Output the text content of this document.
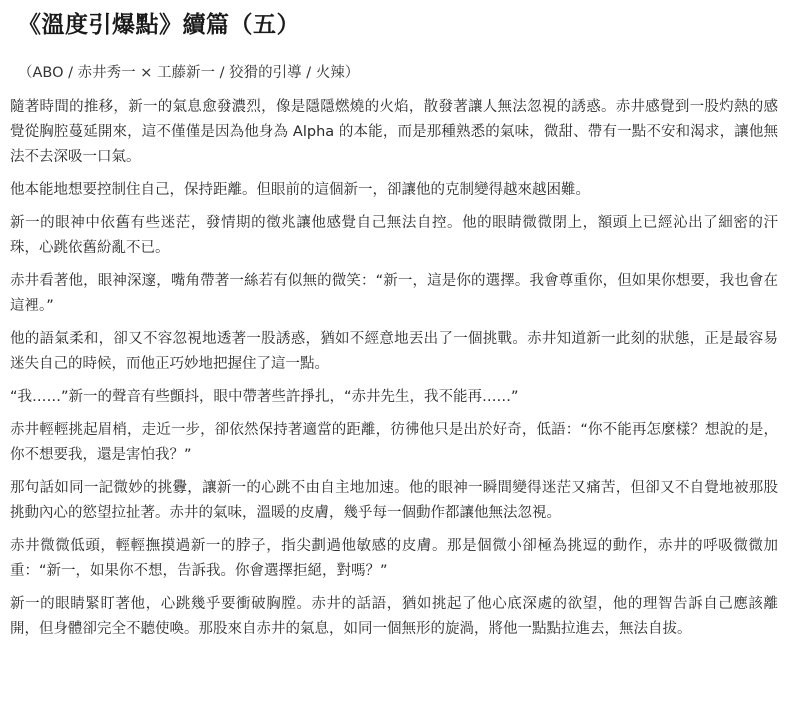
《溫度引爆點》續篇（五）
（ABO / 赤井秀一 × 工藤新一 / 狡猾的引導 / 火辣）

隨著時間的推移，新一的氣息愈發濃烈，像是隱隱燃燒的火焰，散發著讓人無法忽視的誘惑。赤井感覺到一股灼熱的感覺從胸腔蔓延開來，這不僅僅是因為他身為 Alpha 的本能，而是那種熟悉的氣味，微甜、帶有一點不安和渴求，讓他無法不去深吸一口氣。

他本能地想要控制住自己，保持距離。但眼前的這個新一，卻讓他的克制變得越來越困難。

新一的眼神中依舊有些迷茫，發情期的徵兆讓他感覺自己無法自控。他的眼睛微微閉上，額頭上已經沁出了細密的汗珠，心跳依舊紛亂不已。

赤井看著他，眼神深邃，嘴角帶著一絲若有似無的微笑：“新一，這是你的選擇。我會尊重你，但如果你想要，我也會在這裡。”

他的語氣柔和，卻又不容忽視地透著一股誘惑，猶如不經意地丟出了一個挑戰。赤井知道新一此刻的狀態，正是最容易迷失自己的時候，而他正巧妙地把握住了這一點。

“我……”新一的聲音有些顫抖，眼中帶著些許掙扎，“赤井先生，我不能再……”

赤井輕輕挑起眉梢，走近一步，卻依然保持著適當的距離，彷彿他只是出於好奇，低語：“你不能再怎麼樣？想說的是，你不想要我，還是害怕我？”

那句話如同一記微妙的挑釁，讓新一的心跳不由自主地加速。他的眼神一瞬間變得迷茫又痛苦，但卻又不自覺地被那股挑動內心的慾望拉扯著。赤井的氣味，溫暖的皮膚，幾乎每一個動作都讓他無法忽視。

赤井微微低頭，輕輕撫摸過新一的脖子，指尖劃過他敏感的皮膚。那是個微小卻極為挑逗的動作，赤井的呼吸微微加重：“新一，如果你不想，告訴我。你會選擇拒絕，對嗎？”

新一的眼睛緊盯著他，心跳幾乎要衝破胸膛。赤井的話語，猶如挑起了他心底深處的欲望，他的理智告訴自己應該離開，但身體卻完全不聽使喚。那股來自赤井的氣息，如同一個無形的旋渦，將他一點點拉進去，無法自拔。
